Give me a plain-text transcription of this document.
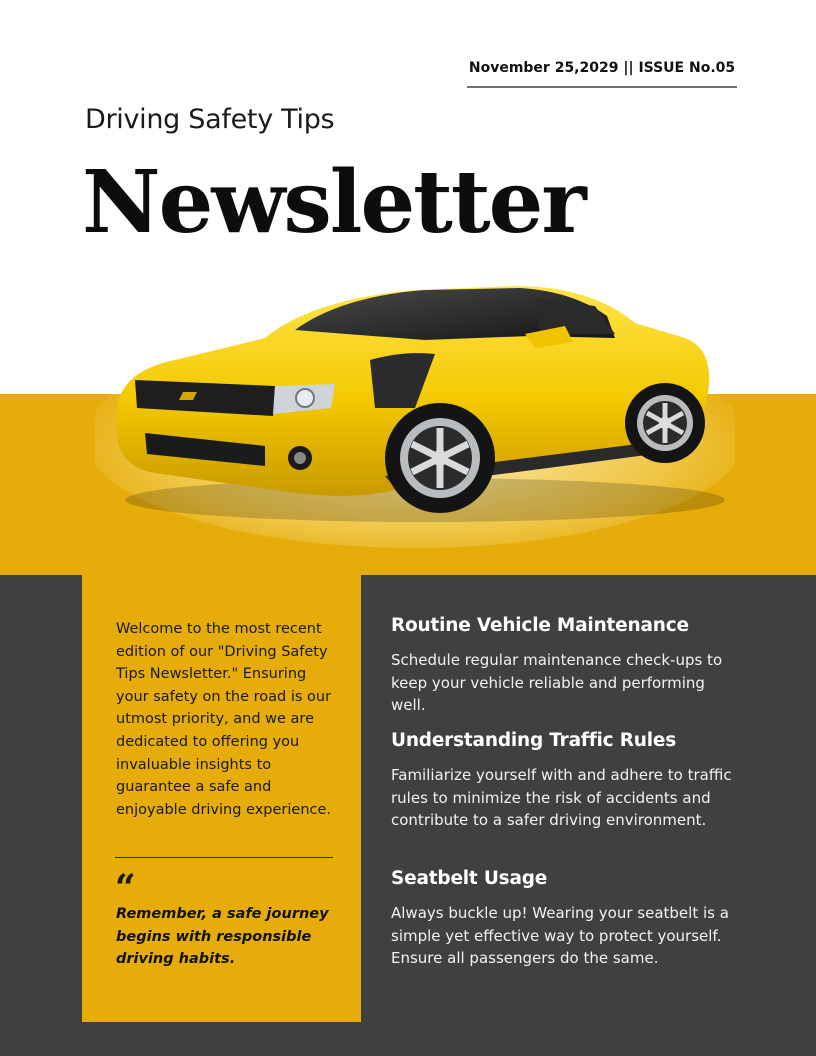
November 25,2029 || ISSUE No.05
Driving Safety Tips
Newsletter
Welcome to the most recent edition of our "Driving Safety Tips Newsletter." Ensuring your safety on the road is our utmost priority, and we are dedicated to offering you invaluable insights to guarantee a safe and enjoyable driving experience.
“
Remember, a safe journey begins with responsible driving habits.
Routine Vehicle Maintenance

Schedule regular maintenance check-ups to keep your vehicle reliable and performing well.

Understanding Traffic Rules

Familiarize yourself with and adhere to traffic rules to minimize the risk of accidents and contribute to a safer driving environment.

Seatbelt Usage

Always buckle up! Wearing your seatbelt is a simple yet effective way to protect yourself. Ensure all passengers do the same.
